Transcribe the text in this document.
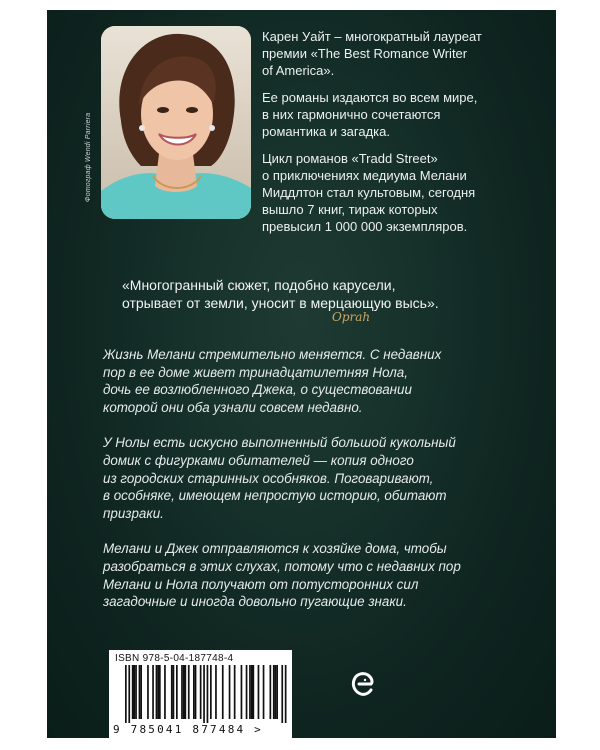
Фотограф Wendi Parriera

Карен Уайт – многократный лауреат
премии «The Best Romance Writer
of America».

Ее романы издаются во всем мире,
в них гармонично сочетаются
романтика и загадка.

Цикл романов «Tradd Street»
о приключениях медиума Мелани
Миддлтон стал культовым, сегодня
вышло 7 книг, тираж которых
превысил 1 000 000 экземпляров.

«Многогранный сюжет, подобно карусели,
отрывает от земли, уносит в мерцающую высь».
Oprah

Жизнь Мелани стремительно меняется. С недавних
пор в ее доме живет тринадцатилетняя Нола,
дочь ее возлюбленного Джека, о существовании
которой они оба узнали совсем недавно.

У Нолы есть искусно выполненный большой кукольный
домик с фигурками обитателей — копия одного
из городских старинных особняков. Поговаривают,
в особняке, имеющем непростую историю, обитают
призраки.

Мелани и Джек отправляются к хозяйке дома, чтобы
разобраться в этих слухах, потому что с недавних пор
Мелани и Нола получают от потусторонних сил
загадочные и иногда довольно пугающие знаки.

ISBN 978-5-04-187748-4
9 785041 877484 >
